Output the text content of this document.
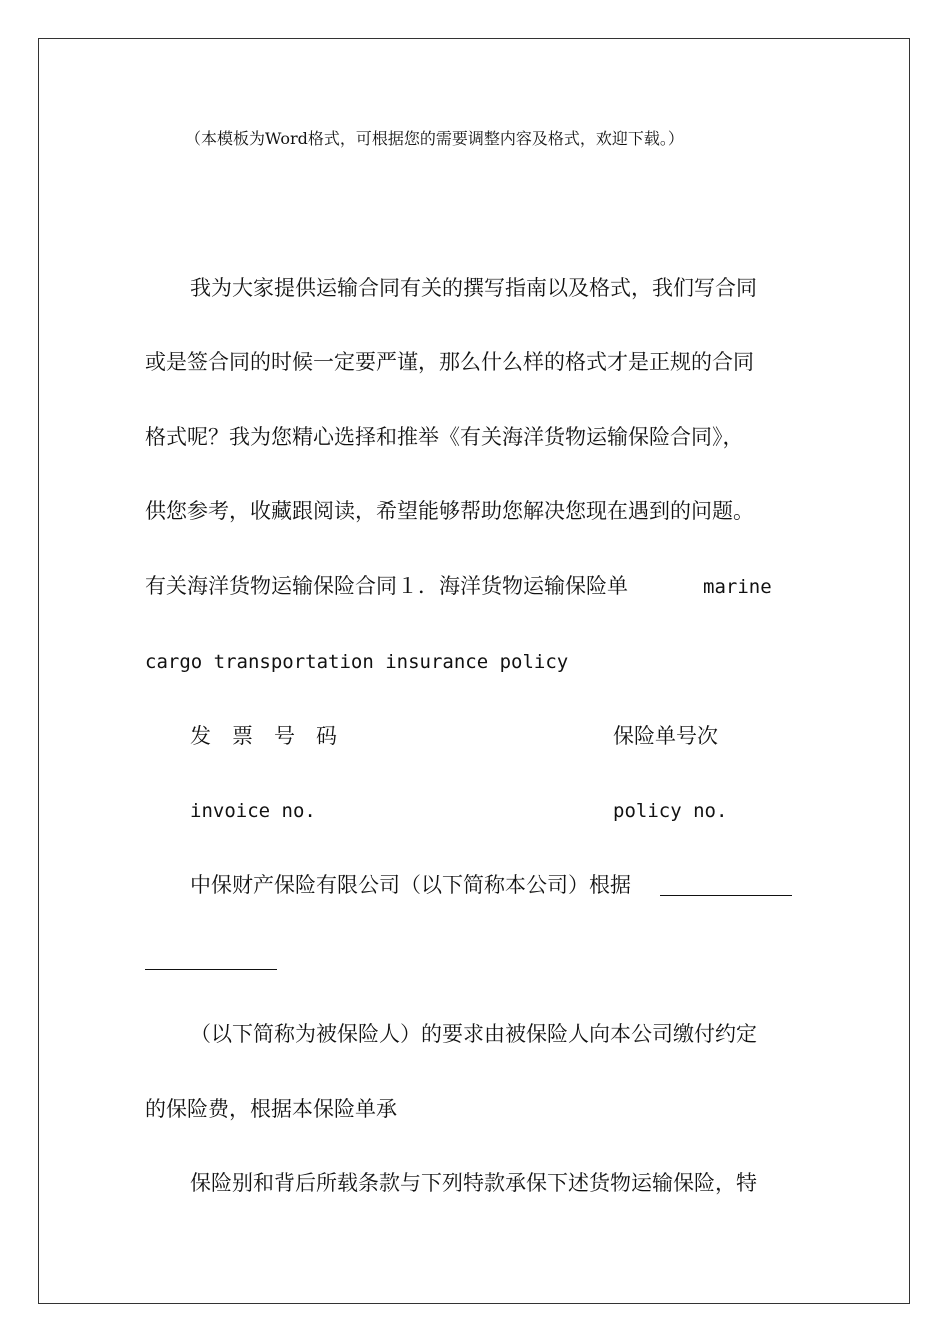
（本模板为Word格式，可根据您的需要调整内容及格式，欢迎下载。）
我为大家提供运输合同有关的撰写指南以及格式，我们写合同
或是签合同的时候一定要严谨，那么什么样的格式才是正规的合同
格式呢？我为您精心选择和推举《有关海洋货物运输保险合同》，
供您参考，收藏跟阅读，希望能够帮助您解决您现在遇到的问题。
有关海洋货物运输保险合同１．海洋货物运输保险单	marine
cargo transportation insurance policy
发　票　号　码	保险单号次
invoice no.	policy no.
中保财产保险有限公司（以下简称本公司）根据
（以下简称为被保险人）的要求由被保险人向本公司缴付约定
的保险费，根据本保险单承
保险别和背后所载条款与下列特款承保下述货物运输保险，特
